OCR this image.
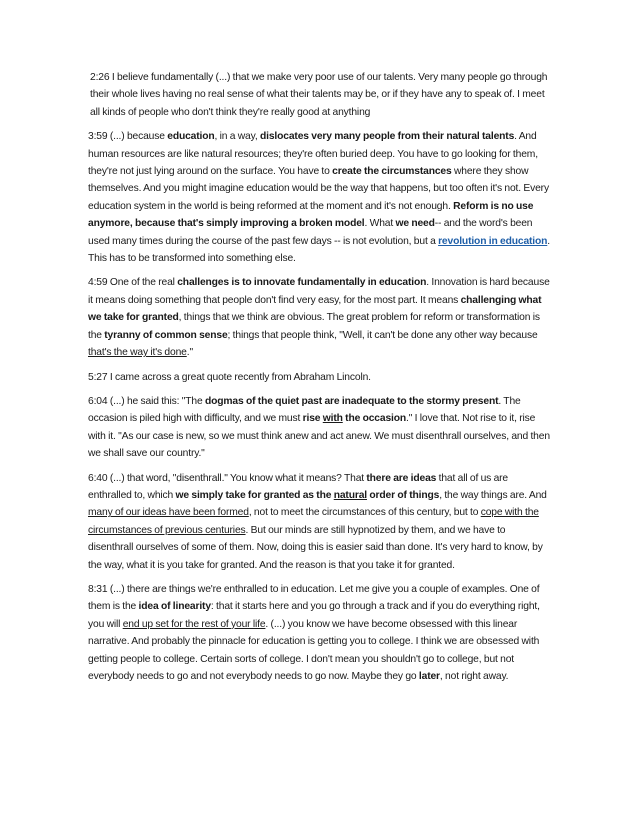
2:26 I believe fundamentally (...) that we make very poor use of our talents. Very many people go through their whole lives having no real sense of what their talents may be, or if they have any to speak of. I meet all kinds of people who don't think they're really good at anything

3:59 (...) because education, in a way, dislocates very many people from their natural talents. And human resources are like natural resources; they're often buried deep. You have to go looking for them, they're not just lying around on the surface. You have to create the circumstances where they show themselves. And you might imagine education would be the way that happens, but too often it's not. Every education system in the world is being reformed at the moment and it's not enough. Reform is no use anymore, because that's simply improving a broken model. What we need-- and the word's been used many times during the course of the past few days -- is not evolution, but a revolution in education. This has to be transformed into something else.

4:59 One of the real challenges is to innovate fundamentally in education. Innovation is hard because it means doing something that people don't find very easy, for the most part. It means challenging what we take for granted, things that we think are obvious. The great problem for reform or transformation is the tyranny of common sense; things that people think, "Well, it can't be done any other way because that's the way it's done."

5:27 I came across a great quote recently from Abraham Lincoln.

6:04 (...) he said this: "The dogmas of the quiet past are inadequate to the stormy present. The occasion is piled high with difficulty, and we must rise with the occasion." I love that. Not rise to it, rise with it. "As our case is new, so we must think anew and act anew. We must disenthrall ourselves, and then we shall save our country."

6:40 (...) that word, "disenthrall." You know what it means? That there are ideas that all of us are enthralled to, which we simply take for granted as the natural order of things, the way things are. And many of our ideas have been formed, not to meet the circumstances of this century, but to cope with the circumstances of previous centuries. But our minds are still hypnotized by them, and we have to disenthrall ourselves of some of them. Now, doing this is easier said than done. It's very hard to know, by the way, what it is you take for granted. And the reason is that you take it for granted.

8:31 (...) there are things we're enthralled to in education. Let me give you a couple of examples. One of them is the idea of linearity: that it starts here and you go through a track and if you do everything right, you will end up set for the rest of your life. (...) you know we have become obsessed with this linear narrative. And probably the pinnacle for education is getting you to college. I think we are obsessed with getting people to college. Certain sorts of college. I don't mean you shouldn't go to college, but not everybody needs to go and not everybody needs to go now. Maybe they go later, not right away.
